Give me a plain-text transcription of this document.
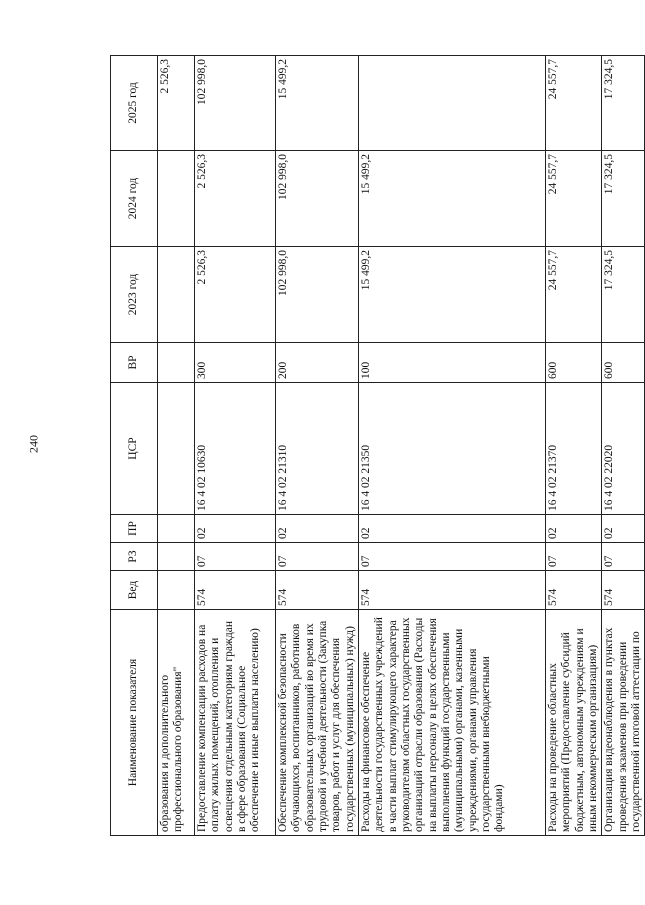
240
Наименование показателя	Вед	РЗ	ПР	ЦСР	ВР	2023 год	2024 год	2025 год
образования и дополнительного профессионального образования"								2 526,3
Предоставление компенсации расходов на оплату жилых помещений, отопления и освещения отдельным категориям граждан в сфере образования (Социальное обеспечение и иные выплаты населению)	574	07	02	16 4 02 10630	300	2 526,3	2 526,3	102 998,0
Обеспечение комплексной безопасности обучающихся, воспитанников, работников образовательных организаций во время их трудовой и учебной деятельности (Закупка товаров, работ и услуг для обеспечения государственных (муниципальных) нужд)	574	07	02	16 4 02 21310	200	102 998,0	102 998,0	15 499,2
Расходы на финансовое обеспечение деятельности государственных учреждений в части выплат стимулирующего характера руководителям областных государственных организаций отрасли образования (Расходы на выплаты персоналу в целях обеспечения выполнения функций государственными (муниципальными) органами, казенными учреждениями, органами управления государственными внебюджетными фондами)	574	07	02	16 4 02 21350	100	15 499,2	15 499,2	
Расходы на проведение областных мероприятий (Предоставление субсидий бюджетным, автономным учреждениям и иным некоммерческим организациям)	574	07	02	16 4 02 21370	600	24 557,7	24 557,7	24 557,7
Организация видеонаблюдения в пунктах проведения экзаменов при проведении государственной итоговой аттестации по	574	07	02	16 4 02 22020	600	17 324,5	17 324,5	17 324,5
